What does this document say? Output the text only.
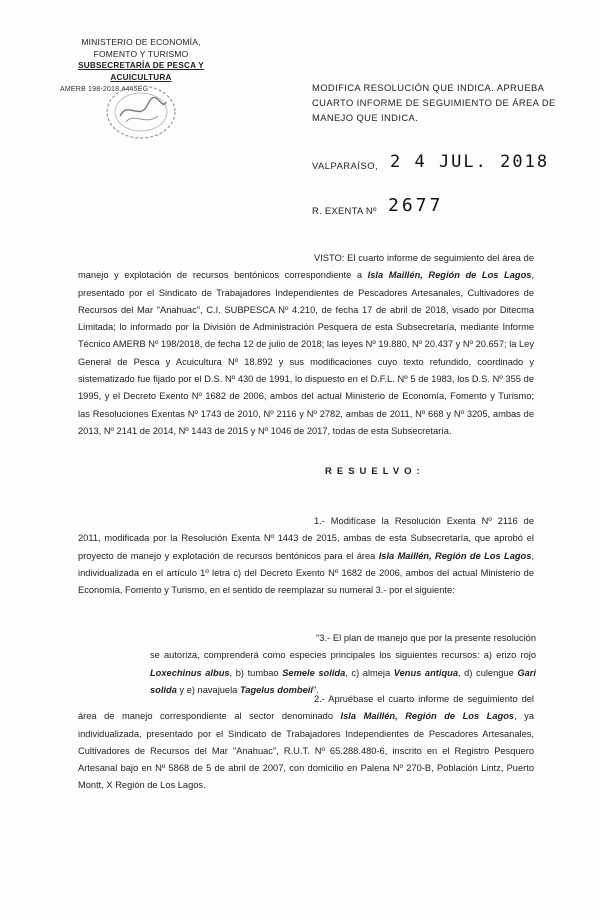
MINISTERIO DE ECONOMÍA,
FOMENTO Y TURISMO
SUBSECRETARÍA DE PESCA Y ACUICULTURA
AMERB 198-2018 4445EG	MODIFICA RESOLUCIÓN QUE INDICA. APRUEBA
CUARTO INFORME DE SEGUIMIENTO DE ÁREA DE
MANEJO QUE INDICA.
VALPARAÍSO, 2 4 JUL. 2018
R. EXENTA Nº 2677
VISTO: El cuarto informe de seguimiento del área de manejo y explotación de recursos bentónicos correspondiente a Isla Maillén, Región de Los Lagos, presentado por el Sindicato de Trabajadores Independientes de Pescadores Artesanales, Cultivadores de Recursos del Mar "Anahuac", C.I. SUBPESCA Nº 4.210, de fecha 17 de abril de 2018, visado por Ditecma Limitada; lo informado por la División de Administración Pesquera de esta Subsecretaría, mediante Informe Técnico AMERB Nº 198/2018, de fecha 12 de julio de 2018; las leyes Nº 19.880, Nº 20.437 y Nº 20.657; la Ley General de Pesca y Acuicultura Nº 18.892 y sus modificaciones cuyo texto refundido, coordinado y sistematizado fue fijado por el D.S. Nº 430 de 1991, lo dispuesto en el D.F.L. Nº 5 de 1983, los D.S. Nº 355 de 1995, y el Decreto Exento Nº 1682 de 2006, ambos del actual Ministerio de Economía, Fomento y Turismo; las Resoluciones Exentas Nº 1743 de 2010, Nº 2116 y Nº 2782, ambas de 2011, Nº 668 y Nº 3205, ambas de 2013, Nº 2141 de 2014, Nº 1443 de 2015 y Nº 1046 de 2017, todas de esta Subsecretaría.
RESUELVO:
1.- Modifícase la Resolución Exenta Nº 2116 de 2011, modificada por la Resolución Exenta Nº 1443 de 2015, ambas de esta Subsecretaría, que aprobó el proyecto de manejo y explotación de recursos bentónicos para el área Isla Maillén, Región de Los Lagos, individualizada en el artículo 1º letra c) del Decreto Exento Nº 1682 de 2006, ambos del actual Ministerio de Economía, Fomento y Turismo, en el sentido de reemplazar su numeral 3.- por el siguiente:
"3.- El plan de manejo que por la presente resolución se autoriza, comprenderá como especies principales los siguientes recursos: a) erizo rojo Loxechinus albus, b) tumbao Semele solida, c) almeja Venus antiqua, d) culengue Gari solida y e) navajuela Tagelus dombeii".
2.- Apruébase el cuarto informe de seguimiento del área de manejo correspondiente al sector denominado Isla Maillén, Región de Los Lagos, ya individualizada, presentado por el Sindicato de Trabajadores Independientes de Pescadores Artesanales, Cultivadores de Recursos del Mar "Anahuac", R.U.T. Nº 65.288.480-6, inscrito en el Registro Pesquero Artesanal bajo en Nº 5868 de 5 de abril de 2007, con domicilio en Palena Nº 270-B, Población Lintz, Puerto Montt, X Región de Los Lagos.
